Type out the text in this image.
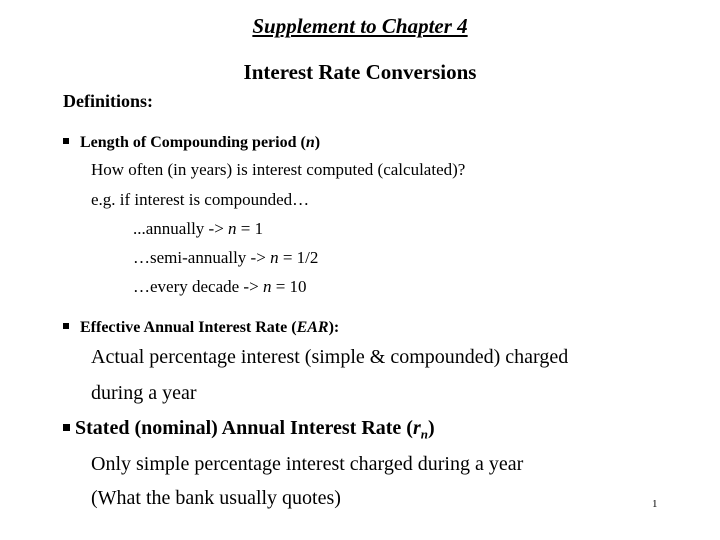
Supplement to Chapter 4
Interest Rate Conversions
Definitions:
Length of Compounding period (n)
How often (in years) is interest computed (calculated)?
e.g. if interest is compounded…
...annually -> n = 1
…semi-annually -> n = 1/2
…every decade -> n = 10
Effective Annual Interest Rate (EAR):
Actual percentage interest (simple & compounded) charged
during a year
Stated (nominal) Annual Interest Rate $(r_n)$
Only simple percentage interest charged during a year
(What the bank usually quotes)	1
